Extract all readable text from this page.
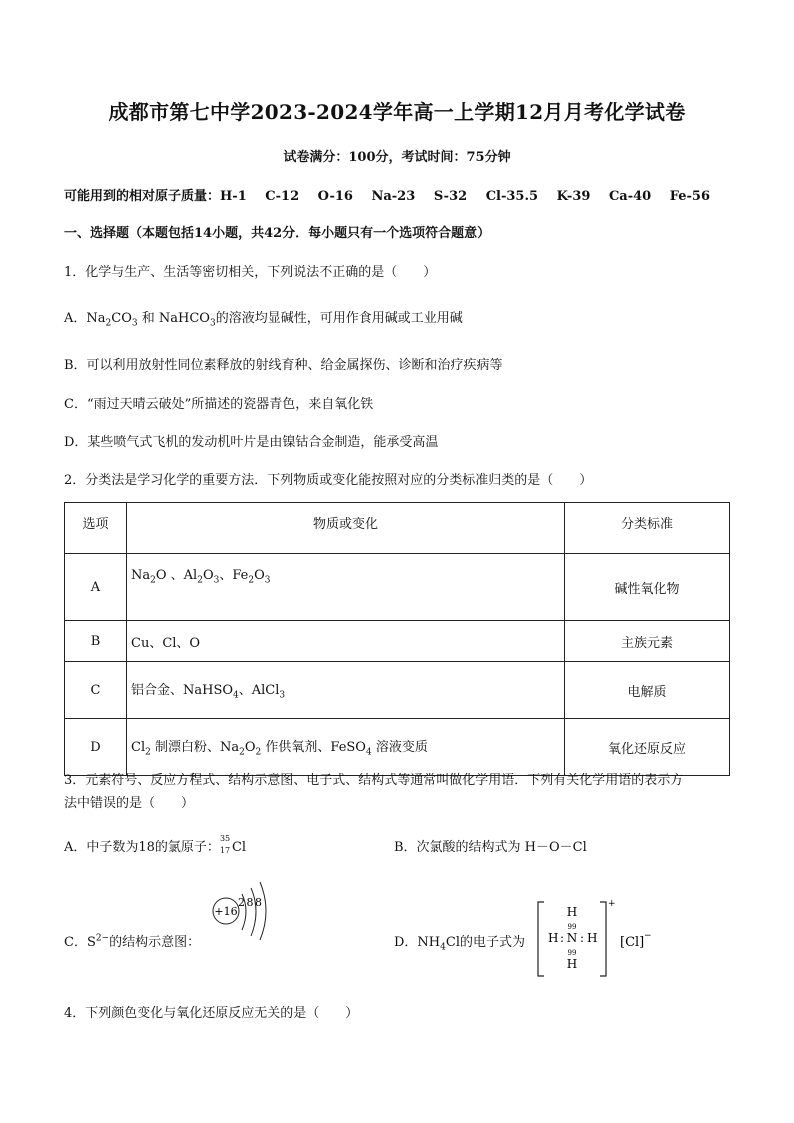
成都市第七中学2023-2024学年高一上学期12月月考化学试卷
试卷满分：100分，考试时间：75分钟
可能用到的相对原子质量：H-1 C-12 O-16 Na-23 S-32 Cl-35.5 K-39 Ca-40 Fe-56
一、选择题（本题包括14小题，共42分．每小题只有一个选项符合题意）
1．化学与生产、生活等密切相关，下列说法不正确的是（　　）
A．$Na_2CO_3$ 和 NaHCO$_3$的溶液均显碱性，可用作食用碱或工业用碱
B．可以利用放射性同位素释放的射线育种、给金属探伤、诊断和治疗疾病等
C．“雨过天晴云破处”所描述的瓷器青色，来自氧化铁
D．某些喷气式飞机的发动机叶片是由镍钴合金制造，能承受高温
2．分类法是学习化学的重要方法．下列物质或变化能按照对应的分类标准归类的是（　　）
选项	物质或变化	分类标准
A	$Na_2O$ 、$Al_2O_3$、$Fe_2O_3$	碱性氧化物
B	Cu、Cl、O	主族元素
C	铝合金、NaHSO$_4$、AlCl$_3$	电解质
D	$Cl_2$ 制漂白粉、$Na_2O_2$ 作供氧剂、FeSO$_4$ 溶液变质	氧化还原反应
3．元素符号、反应方程式、结构示意图、电子式、结构式等通常叫做化学用语．下列有关化学用语的表示方
法中错误的是（　　）
A．中子数为18的氯原子：
35
17 Cl	B．次氯酸的结构式为 H－O－Cl
C．$S^{2-}$的结构示意图：
+16
2 8 8
D．$NH_4Cl$的电子式为
H
99
H : N : H
99
H
+
[Cl] −
4．下列颜色变化与氧化还原反应无关的是（　　）
